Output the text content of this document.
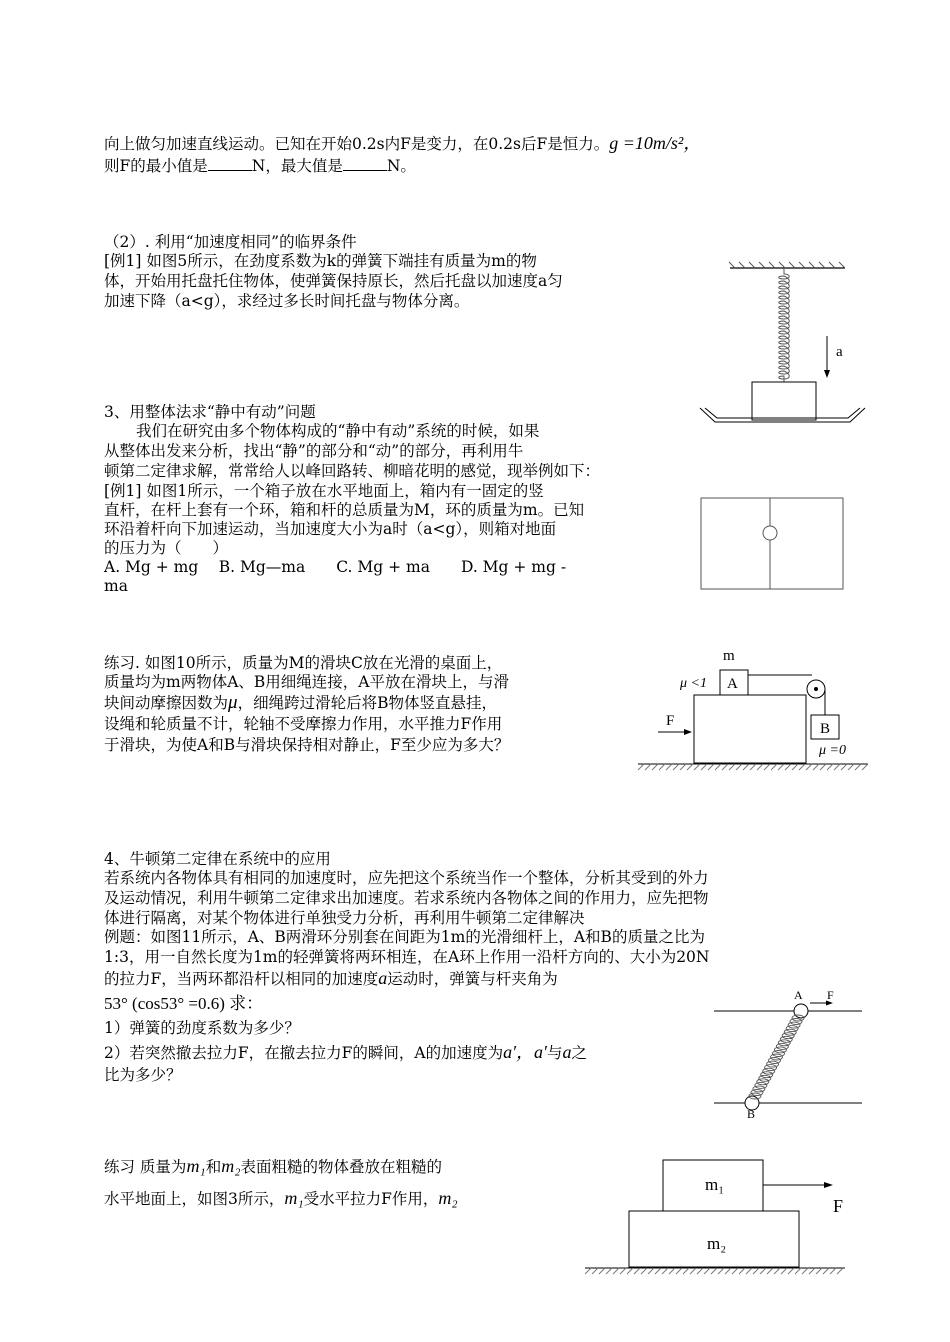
向上做匀加速直线运动。已知在开始0.2s内F是变力，在0.2s后F是恒力。g =10m/s²，
则F的最小值是	N，最大值是	N。
（2）. 利用“加速度相同”的临界条件
[例1] 如图5所示，在劲度系数为k的弹簧下端挂有质量为m的物
体，开始用托盘托住物体，使弹簧保持原长，然后托盘以加速度a匀
加速下降（a<g），求经过多长时间托盘与物体分离。
a
3、用整体法求“静中有动”问题
我们在研究由多个物体构成的“静中有动”系统的时候，如果
从整体出发来分析，找出“静”的部分和“动”的部分，再利用牛
顿第二定律求解，常常给人以峰回路转、柳暗花明的感觉，现举例如下：
[例1] 如图1所示，一个箱子放在水平地面上，箱内有一固定的竖
直杆，在杆上套有一个环，箱和杆的总质量为M，环的质量为m。已知
环沿着杆向下加速运动，当加速度大小为a时（a<g），则箱对地面
的压力为（　　）
A. Mg + mg　 B. Mg—ma　　C. Mg + ma　　D. Mg + mg -
ma
练习. 如图10所示，质量为M的滑块C放在光滑的桌面上，
质量均为m两物体A、B用细绳连接，A平放在滑块上，与滑
块间动摩擦因数为μ，细绳跨过滑轮后将B物体竖直悬挂，
设绳和轮质量不计，轮轴不受摩擦力作用，水平推力F作用
于滑块，为使A和B与滑块保持相对静止，F至少应为多大？
m
μ <1 A
B
F
μ =0
4、牛顿第二定律在系统中的应用
若系统内各物体具有相同的加速度时，应先把这个系统当作一个整体，分析其受到的外力
及运动情况，利用牛顿第二定律求出加速度。若求系统内各物体之间的作用力，应先把物
体进行隔离，对某个物体进行单独受力分析，再利用牛顿第二定律解决
例题：如图11所示，A、B两滑环分别套在间距为1m的光滑细杆上，A和B的质量之比为
1:3，用一自然长度为1m的轻弹簧将两环相连，在A环上作用一沿杆方向的、大小为20N
的拉力F，当两环都沿杆以相同的加速度a运动时，弹簧与杆夹角为
53° (cos53° =0.6) 求：
1）弹簧的劲度系数为多少？
2）若突然撤去拉力F，在撤去拉力F的瞬间，A的加速度为a′，a′与a之
比为多少？
A F
B
练习 质量为m₁和m₂表面粗糙的物体叠放在粗糙的
水平地面上，如图3所示，m₁受水平拉力F作用，m₂
m₁
F
m₂
